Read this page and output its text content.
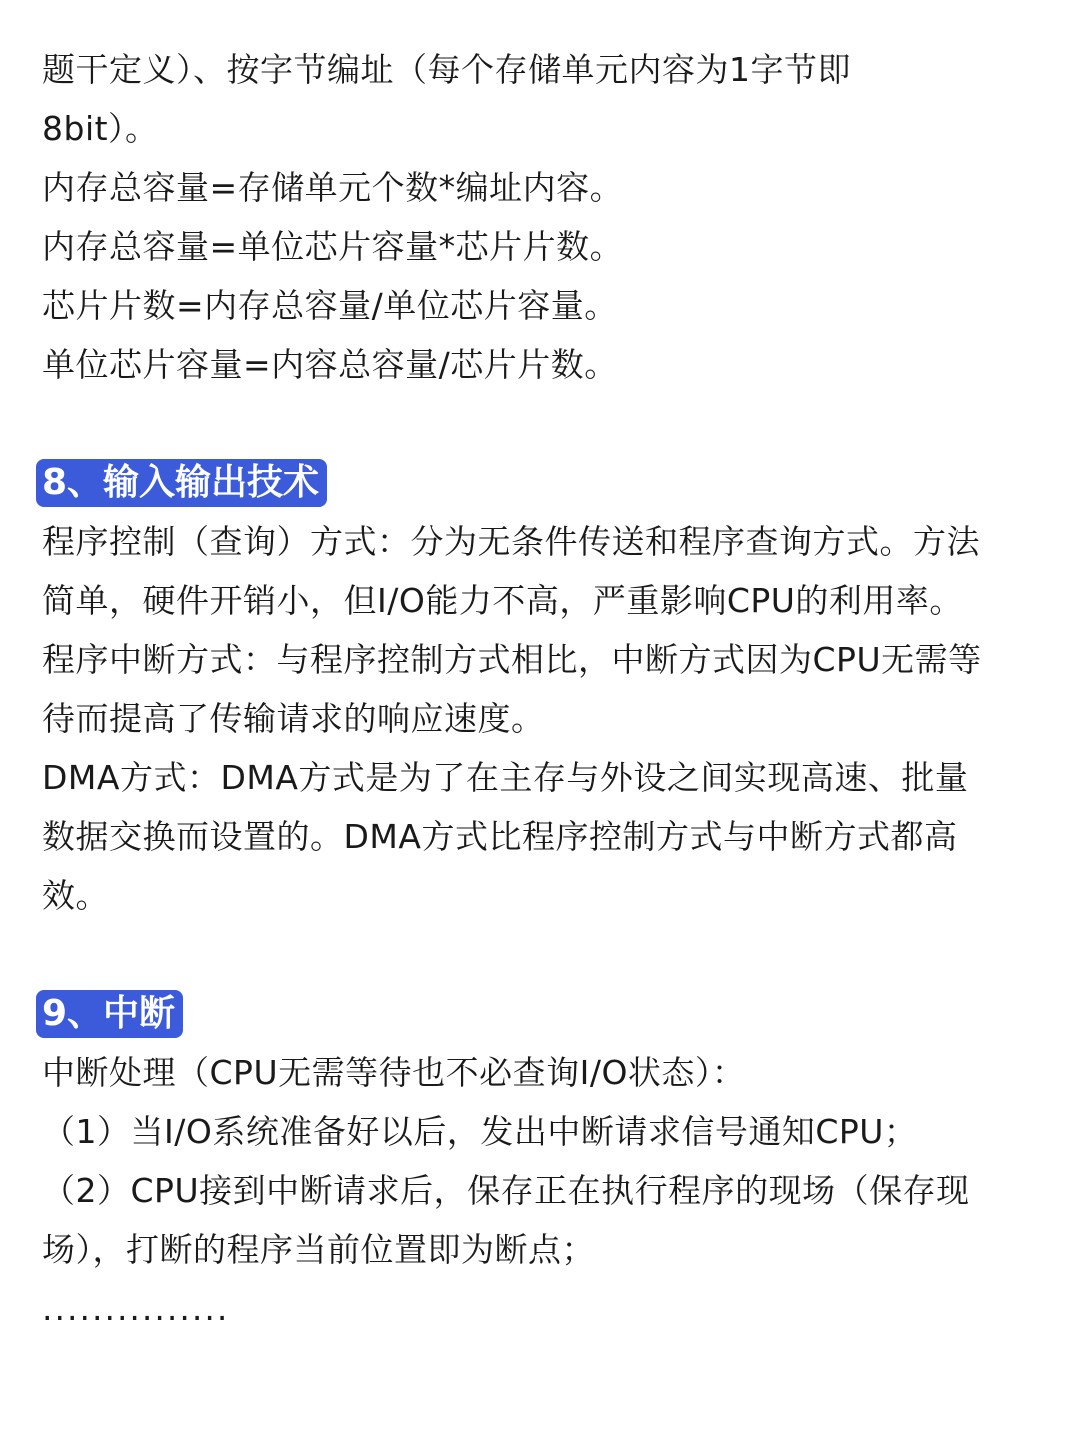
题干定义）、按字节编址（每个存储单元内容为1字节即
8bit）。
内存总容量=存储单元个数*编址内容。
内存总容量=单位芯片容量*芯片片数。
芯片片数=内存总容量/单位芯片容量。
单位芯片容量=内容总容量/芯片片数。
8、输入输出技术
程序控制（查询）方式：分为无条件传送和程序查询方式。方法
简单，硬件开销小，但I/O能力不高，严重影响CPU的利用率。
程序中断方式：与程序控制方式相比，中断方式因为CPU无需等
待而提高了传输请求的响应速度。
DMA方式：DMA方式是为了在主存与外设之间实现高速、批量
数据交换而设置的。DMA方式比程序控制方式与中断方式都高
效。
9、中断
中断处理（CPU无需等待也不必查询I/O状态）：
（1）当I/O系统准备好以后，发出中断请求信号通知CPU；
（2）CPU接到中断请求后，保存正在执行程序的现场（保存现
场），打断的程序当前位置即为断点；
...............
